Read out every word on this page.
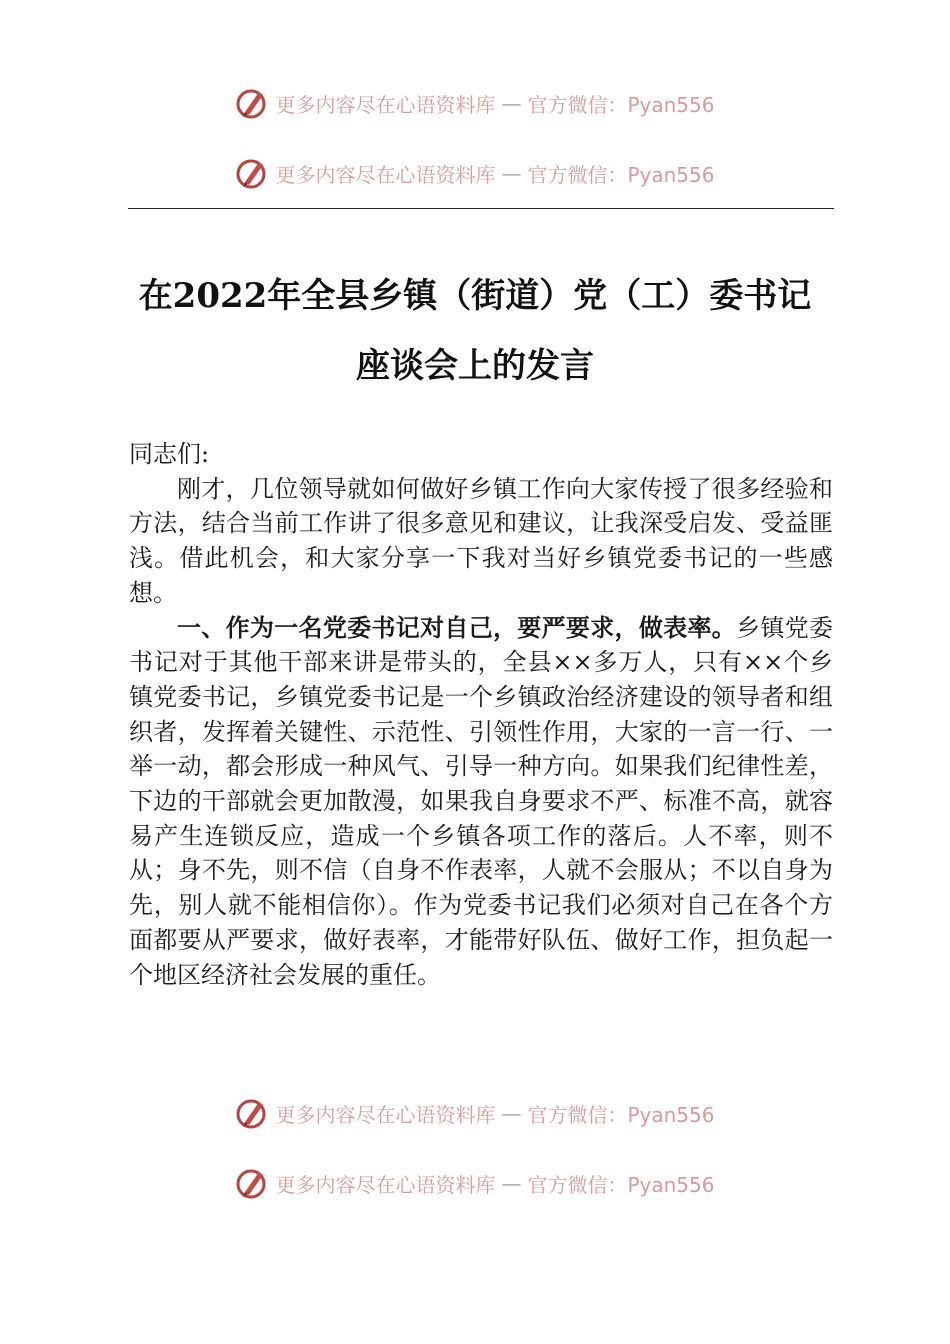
更多内容尽在心语资料库 — 官方微信：Pyan556
更多内容尽在心语资料库 — 官方微信：Pyan556
在2022年全县乡镇（街道）党（工）委书记
座谈会上的发言

同志们:

刚才，几位领导就如何做好乡镇工作向大家传授了很多经验和方法，结合当前工作讲了很多意见和建议，让我深受启发、受益匪浅。借此机会，和大家分享一下我对当好乡镇党委书记的一些感想。

一、作为一名党委书记对自己，要严要求，做表率。乡镇党委书记对于其他干部来讲是带头的，全县××多万人，只有××个乡镇党委书记，乡镇党委书记是一个乡镇政治经济建设的领导者和组织者，发挥着关键性、示范性、引领性作用，大家的一言一行、一举一动，都会形成一种风气、引导一种方向。如果我们纪律性差，下边的干部就会更加散漫，如果我自身要求不严、标准不高，就容易产生连锁反应，造成一个乡镇各项工作的落后。人不率，则不从；身不先，则不信（自身不作表率，人就不会服从；不以自身为先，别人就不能相信你）。作为党委书记我们必须对自己在各个方面都要从严要求，做好表率，才能带好队伍、做好工作，担负起一个地区经济社会发展的重任。

更多内容尽在心语资料库 — 官方微信：Pyan556
更多内容尽在心语资料库 — 官方微信：Pyan556
